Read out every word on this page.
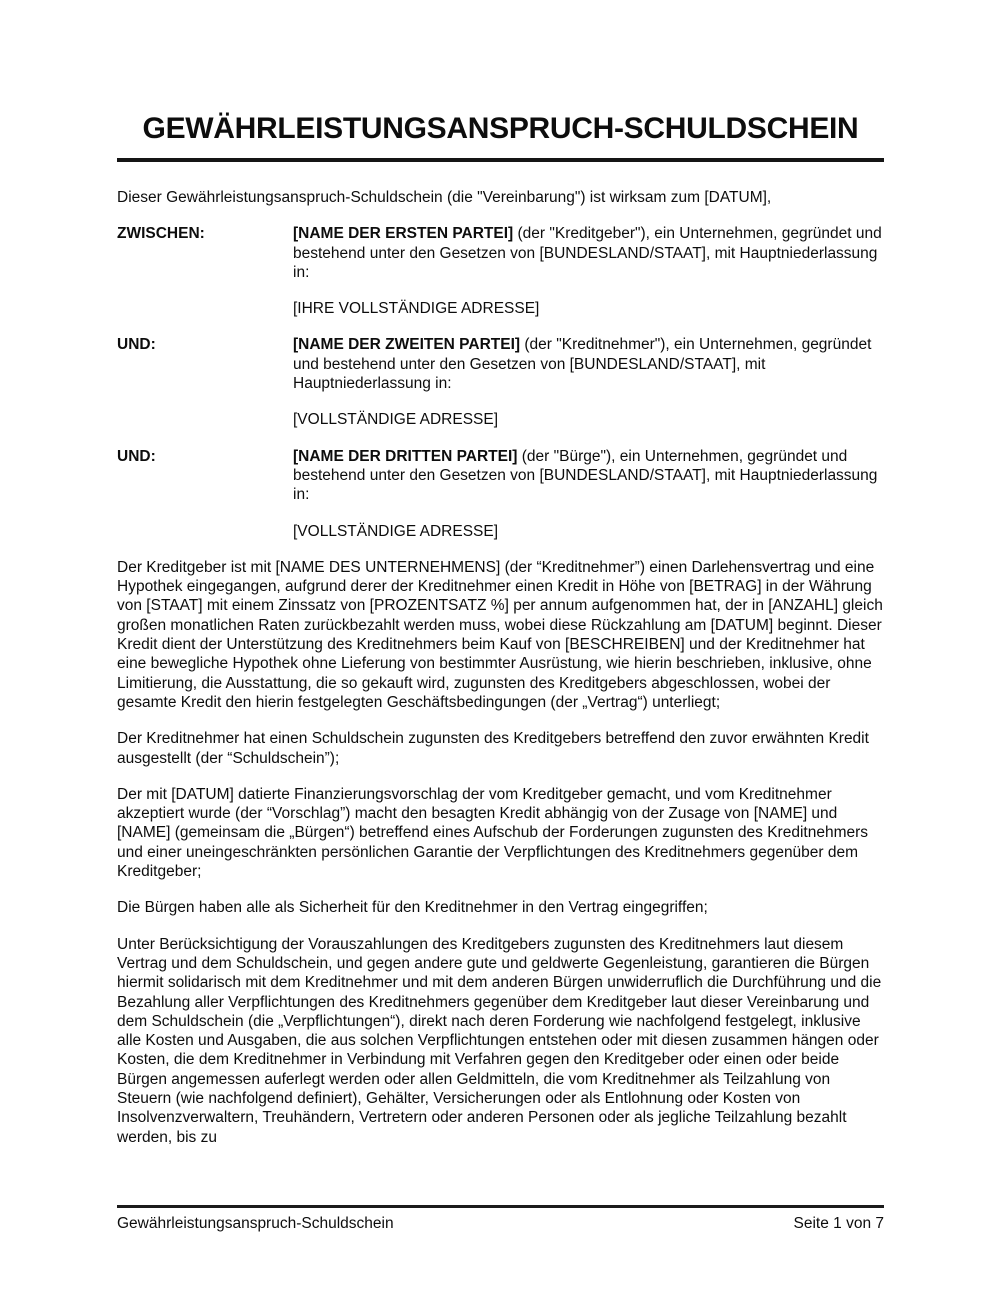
GEWÄHRLEISTUNGSANSPRUCH-SCHULDSCHEIN
Dieser Gewährleistungsanspruch-Schuldschein (die "Vereinbarung") ist wirksam zum [DATUM],
ZWISCHEN:	[NAME DER ERSTEN PARTEI] (der "Kreditgeber"), ein Unternehmen, gegründet und bestehend unter den Gesetzen von [BUNDESLAND/STAAT], mit Hauptniederlassung in:
[IHRE VOLLSTÄNDIGE ADRESSE]
UND:	[NAME DER ZWEITEN PARTEI] (der "Kreditnehmer"), ein Unternehmen, gegründet und bestehend unter den Gesetzen von [BUNDESLAND/STAAT], mit Hauptniederlassung in:
[VOLLSTÄNDIGE ADRESSE]
UND:	[NAME DER DRITTEN PARTEI] (der "Bürge"), ein Unternehmen, gegründet und bestehend unter den Gesetzen von [BUNDESLAND/STAAT], mit Hauptniederlassung in:
[VOLLSTÄNDIGE ADRESSE]

Der Kreditgeber ist mit [NAME DES UNTERNEHMENS] (der “Kreditnehmer”) einen Darlehensvertrag und eine Hypothek eingegangen, aufgrund derer der Kreditnehmer einen Kredit in Höhe von [BETRAG] in der Währung von [STAAT] mit einem Zinssatz von [PROZENTSATZ %] per annum aufgenommen hat, der in [ANZAHL] gleich großen monatlichen Raten zurückbezahlt werden muss, wobei diese Rückzahlung am [DATUM] beginnt. Dieser Kredit dient der Unterstützung des Kreditnehmers beim Kauf von [BESCHREIBEN] und der Kreditnehmer hat eine bewegliche Hypothek ohne Lieferung von bestimmter Ausrüstung, wie hierin beschrieben, inklusive, ohne Limitierung, die Ausstattung, die so gekauft wird, zugunsten des Kreditgebers abgeschlossen, wobei der gesamte Kredit den hierin festgelegten Geschäftsbedingungen (der „Vertrag“) unterliegt;

Der Kreditnehmer hat einen Schuldschein zugunsten des Kreditgebers betreffend den zuvor erwähnten Kredit ausgestellt (der “Schuldschein”);

Der mit [DATUM] datierte Finanzierungsvorschlag der vom Kreditgeber gemacht, und vom Kreditnehmer akzeptiert wurde (der “Vorschlag”) macht den besagten Kredit abhängig von der Zusage von [NAME] und [NAME] (gemeinsam die „Bürgen“) betreffend eines Aufschub der Forderungen zugunsten des Kreditnehmers und einer uneingeschränkten persönlichen Garantie der Verpflichtungen des Kreditnehmers gegenüber dem Kreditgeber;

Die Bürgen haben alle als Sicherheit für den Kreditnehmer in den Vertrag eingegriffen;

Unter Berücksichtigung der Vorauszahlungen des Kreditgebers zugunsten des Kreditnehmers laut diesem Vertrag und dem Schuldschein, und gegen andere gute und geldwerte Gegenleistung, garantieren die Bürgen hiermit solidarisch mit dem Kreditnehmer und mit dem anderen Bürgen unwiderruflich die Durchführung und die Bezahlung aller Verpflichtungen des Kreditnehmers gegenüber dem Kreditgeber laut dieser Vereinbarung und dem Schuldschein (die „Verpflichtungen“), direkt nach deren Forderung wie nachfolgend festgelegt, inklusive alle Kosten und Ausgaben, die aus solchen Verpflichtungen entstehen oder mit diesen zusammen hängen oder Kosten, die dem Kreditnehmer in Verbindung mit Verfahren gegen den Kreditgeber oder einen oder beide Bürgen angemessen auferlegt werden oder allen Geldmitteln, die vom Kreditnehmer als Teilzahlung von Steuern (wie nachfolgend definiert), Gehälter, Versicherungen oder als Entlohnung oder Kosten von Insolvenzverwaltern, Treuhändern, Vertretern oder anderen Personen oder als jegliche Teilzahlung bezahlt werden, bis zu

Gewährleistungsanspruch-Schuldschein	Seite 1 von 7
